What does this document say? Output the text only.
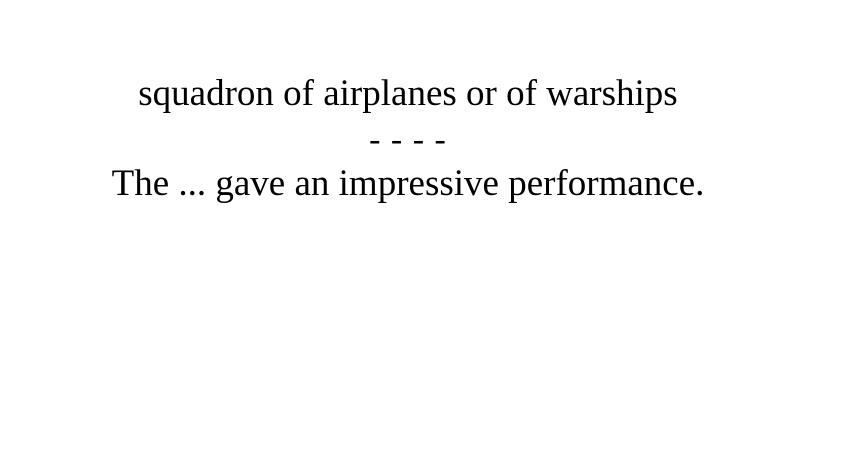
squadron of airplanes or of warships
- - - -
The ... gave an impressive performance.
